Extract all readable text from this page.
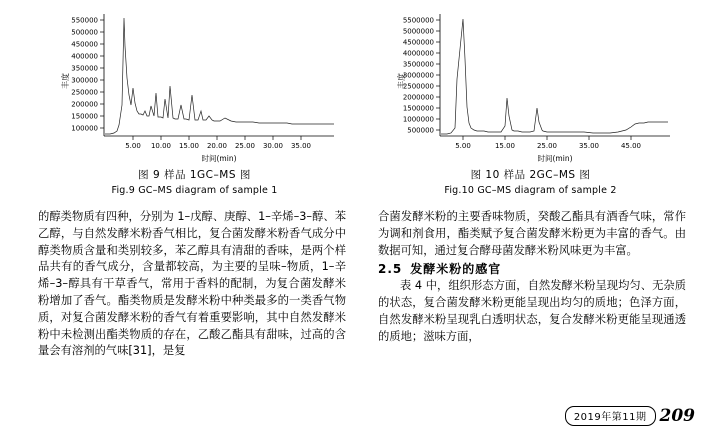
550000
500000
450000
400000
350000
300000
250000
200000
150000
100000
丰度
5.00 10.00 15.00 20.00 25.00 30.00 35.00
时间(min)
图 9 样品 1GC–MS 图
Fig.9 GC–MS diagram of sample 1
5500000
5000000
4500000
4000000
3500000
3000000
2500000
2000000
1500000
1000000
500000
丰度
5.00	15.00	25.00	35.00	45.00
时间(min)
图 10 样品 2GC–MS 图
Fig.10 GC–MS diagram of sample 2

的醇类物质有四种，分别为 1–戊醇、庚醇、1–辛烯–3–醇、苯乙醇，与自然发酵米粉香气相比，复合菌发酵米粉香气成分中醇类物质含量和类别较多，苯乙醇具有清甜的香味，是两个样品共有的香气成分，含量都较高，为主要的呈味–物质，1–辛烯–3–醇具有干草香气，常用于香料的配制，为复合菌发酵米粉增加了香气。酯类物质是发酵米粉中种类最多的一类香气物质，对复合菌发酵米粉的香气有着重要影响，其中自然发酵米粉中未检测出酯类物质的存在，乙酸乙酯具有甜味，过高的含量会有溶剂的气味[31]，是复

合菌发酵米粉的主要香味物质，癸酸乙酯具有酒香气味，常作为调和剂食用，酯类赋予复合菌发酵米粉更为丰富的香气。由数据可知，通过复合酵母菌发酵米粉风味更为丰富。

2.5 发酵米粉的感官

表 4 中，组织形态方面，自然发酵米粉呈现均匀、无杂质的状态，复合菌发酵米粉更能呈现出均匀的质地；色泽方面，自然发酵米粉呈现乳白透明状态，复合发酵米粉更能呈现通透的质地；滋味方面，

2019年第11期 209
